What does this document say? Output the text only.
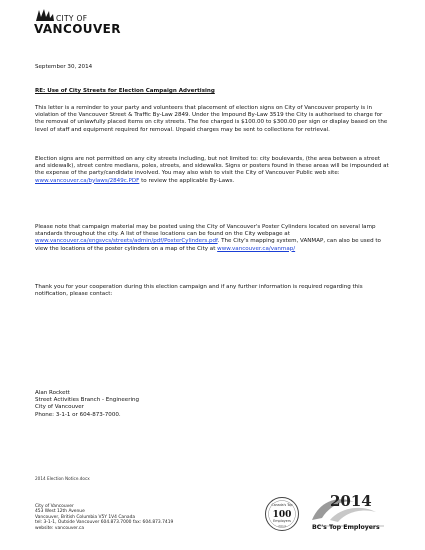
CITY OF
VANCOUVER
September 30, 2014
RE: Use of City Streets for Election Campaign Advertising
This letter is a reminder to your party and volunteers that placement of election signs on City of Vancouver property is in violation of the Vancouver Street & Traffic By-Law 2849. Under the Impound By-Law 3519 the City is authorised to charge for the removal of unlawfully placed items on city streets. The fee charged is $100.00 to $300.00 per sign or display based on the level of staff and equipment required for removal. Unpaid charges may be sent to collections for retrieval.
Election signs are not permitted on any city streets including, but not limited to: city boulevards, (the area between a street and sidewalk), street centre medians, poles, streets, and sidewalks. Signs or posters found in these areas will be impounded at the expense of the party/candidate involved. You may also wish to visit the City of Vancouver Public web site: www.vancouver.ca/bylaws/2849c.PDF to review the applicable By-Laws.
Please note that campaign material may be posted using the City of Vancouver's Poster Cylinders located on several lamp standards throughout the city. A list of these locations can be found on the City webpage at www.vancouver.ca/engsvcs/streets/admin/pdf/PosterCylinders.pdf. The City's mapping system, VANMAP, can also be used to view the locations of the poster cylinders on a map of the City at www.vancouver.ca/vanmap/
Thank you for your cooperation during this election campaign and if any further information is required regarding this notification, please contact:
Alan Rockett
Street Activities Branch - Engineering
City of Vancouver
Phone: 3-1-1 or 604-873-7000.
2014 Election Notice.docx
City of Vancouver
453 West 12th Avenue
Vancouver, British Columbia V5Y 1V4 Canada
tel: 3-1-1, Outside Vancouver 604.873.7000 fax: 604.873.7419
website: vancouver.ca
Canada's Top
100
Employers
2014
2014
BC's Top Employers
